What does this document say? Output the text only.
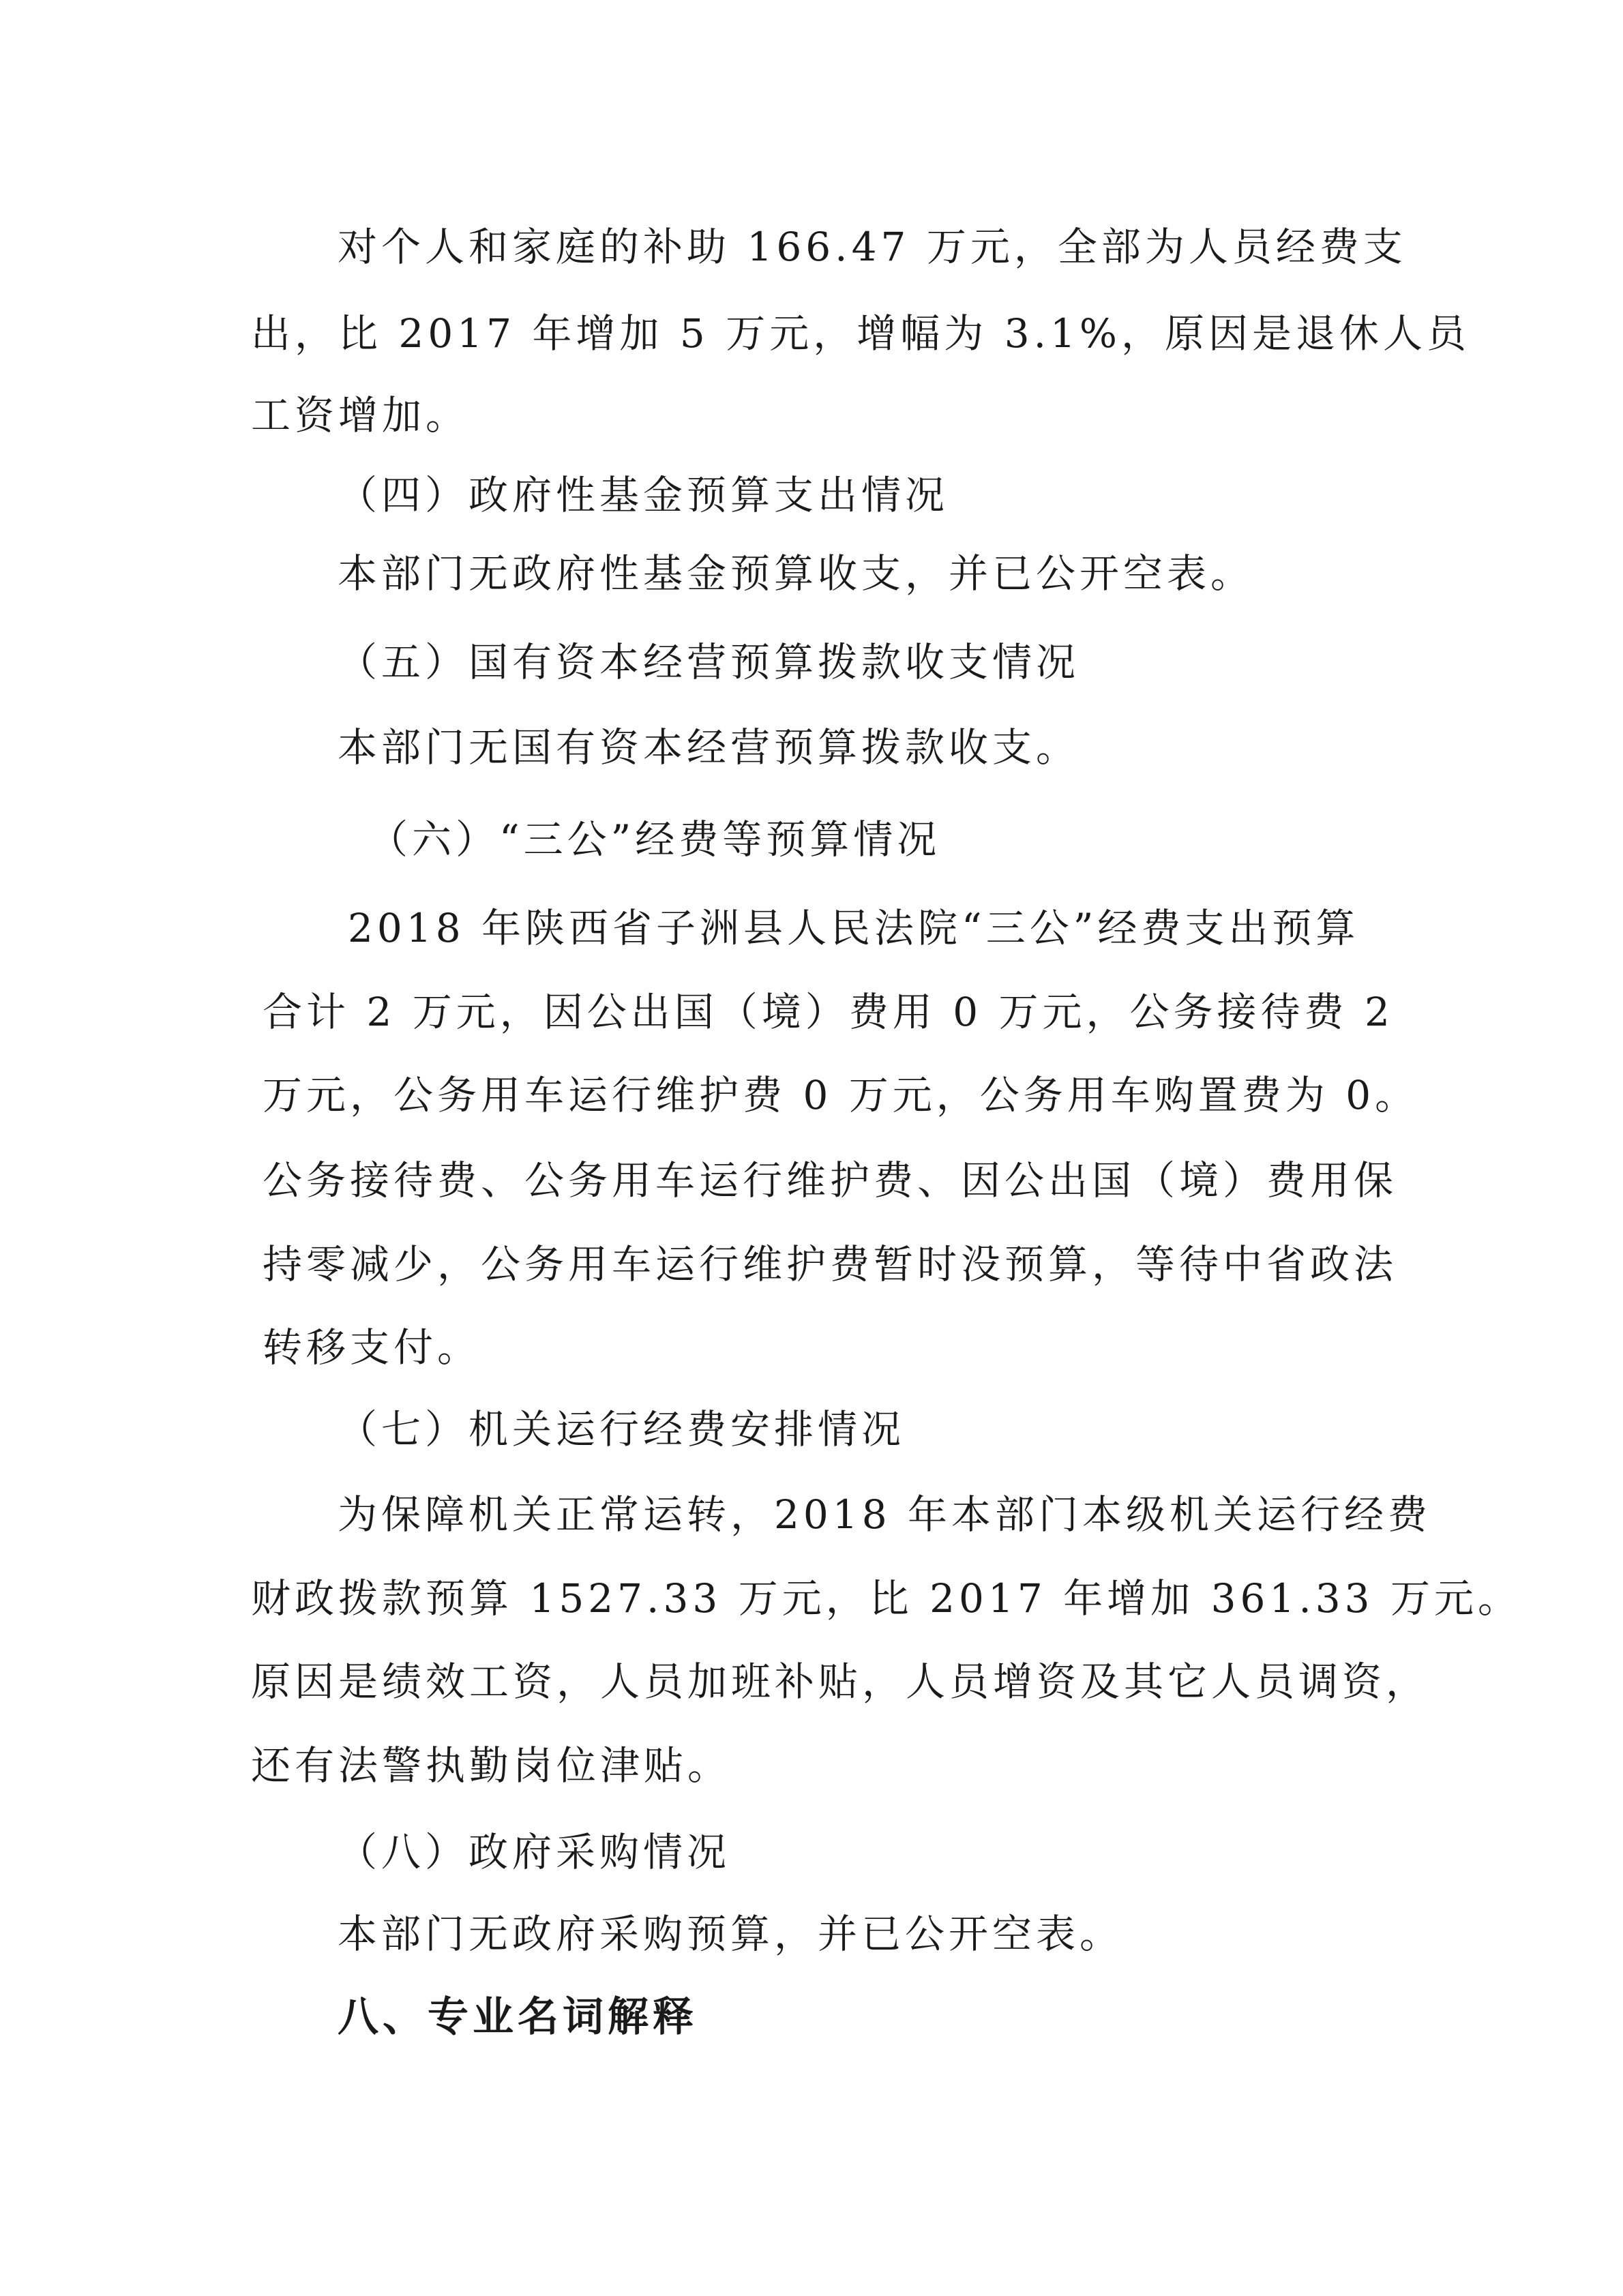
对个人和家庭的补助 166.47 万元，全部为人员经费支
出，比 2017 年增加 5 万元，增幅为 3.1%，原因是退休人员
工资增加。
（四）政府性基金预算支出情况
本部门无政府性基金预算收支，并已公开空表。
（五）国有资本经营预算拨款收支情况
本部门无国有资本经营预算拨款收支。
（六）“三公”经费等预算情况
2018 年陕西省子洲县人民法院“三公”经费支出预算
合计 2 万元，因公出国（境）费用 0 万元，公务接待费 2
万元，公务用车运行维护费 0 万元，公务用车购置费为 0。
公务接待费、公务用车运行维护费、因公出国（境）费用保
持零减少，公务用车运行维护费暂时没预算，等待中省政法
转移支付。
（七）机关运行经费安排情况
为保障机关正常运转，2018 年本部门本级机关运行经费
财政拨款预算 1527.33 万元，比 2017 年增加 361.33 万元。
原因是绩效工资，人员加班补贴，人员增资及其它人员调资，
还有法警执勤岗位津贴。
（八）政府采购情况
本部门无政府采购预算，并已公开空表。
八、专业名词解释
